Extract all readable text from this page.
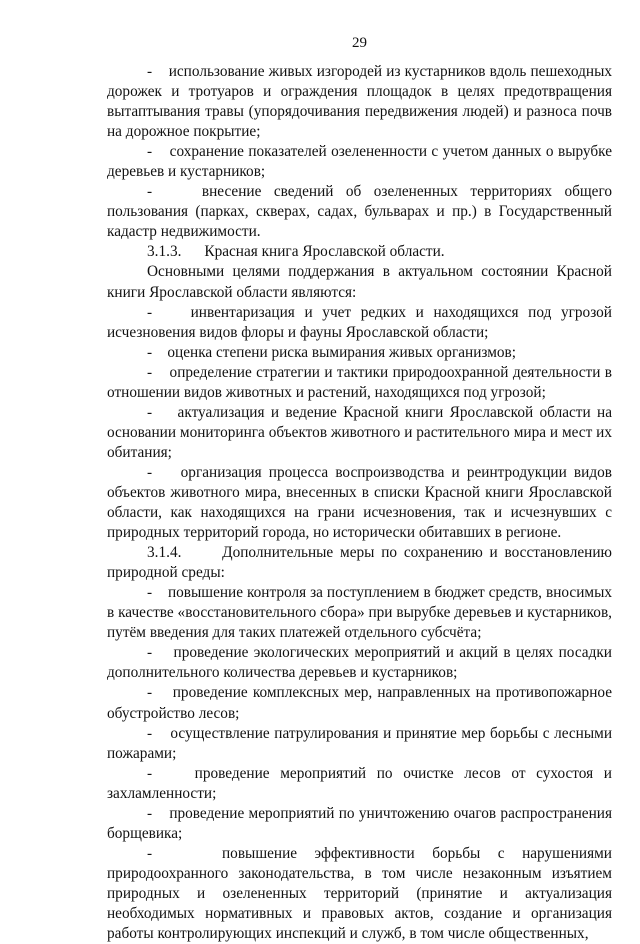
29

-    использование живых изгородей из кустарников вдоль пешеходных дорожек и тротуаров и ограждения площадок в целях предотвращения вытаптывания травы (упорядочивания передвижения людей) и разноса почв на дорожное покрытие;

-    сохранение показателей озелененности с учетом данных о вырубке деревьев и кустарников;

-    внесение сведений об озелененных территориях общего пользования (парках, скверах, садах, бульварах и пр.) в Государственный кадастр недвижимости.

3.1.3.      Красная книга Ярославской области.

Основными целями поддержания в актуальном состоянии Красной книги Ярославской области являются:

-    инвентаризация и учет редких и находящихся под угрозой исчезновения видов флоры и фауны Ярославской области;

-    оценка степени риска вымирания живых организмов;

-    определение стратегии и тактики природоохранной деятельности в отношении видов животных и растений, находящихся под угрозой;

-    актуализация и ведение Красной книги Ярославской области на основании мониторинга объектов животного и растительного мира и мест их обитания;

-    организация процесса воспроизводства и реинтродукции видов объектов животного мира, внесенных в списки Красной книги Ярославской области, как находящихся на грани исчезновения, так и исчезнувших с природных территорий города, но исторически обитавших в регионе.

3.1.4.      Дополнительные меры по сохранению и восстановлению природной среды:

-    повышение контроля за поступлением в бюджет средств, вносимых в качестве «восстановительного сбора» при вырубке деревьев и кустарников, путём введения для таких платежей отдельного субсчёта;

-    проведение экологических мероприятий и акций в целях посадки дополнительного количества деревьев и кустарников;

-    проведение комплексных мер, направленных на противопожарное обустройство лесов;

-    осуществление патрулирования и принятие мер борьбы с лесными пожарами;

-    проведение мероприятий по очистке лесов от сухостоя и захламленности;

-    проведение мероприятий по уничтожению очагов распространения борщевика;

-    повышение эффективности борьбы с нарушениями природоохранного законодательства, в том числе незаконным изъятием природных и озелененных территорий (принятие и актуализация необходимых нормативных и правовых актов, создание и организация работы контролирующих инспекций и служб, в том числе общественных,
